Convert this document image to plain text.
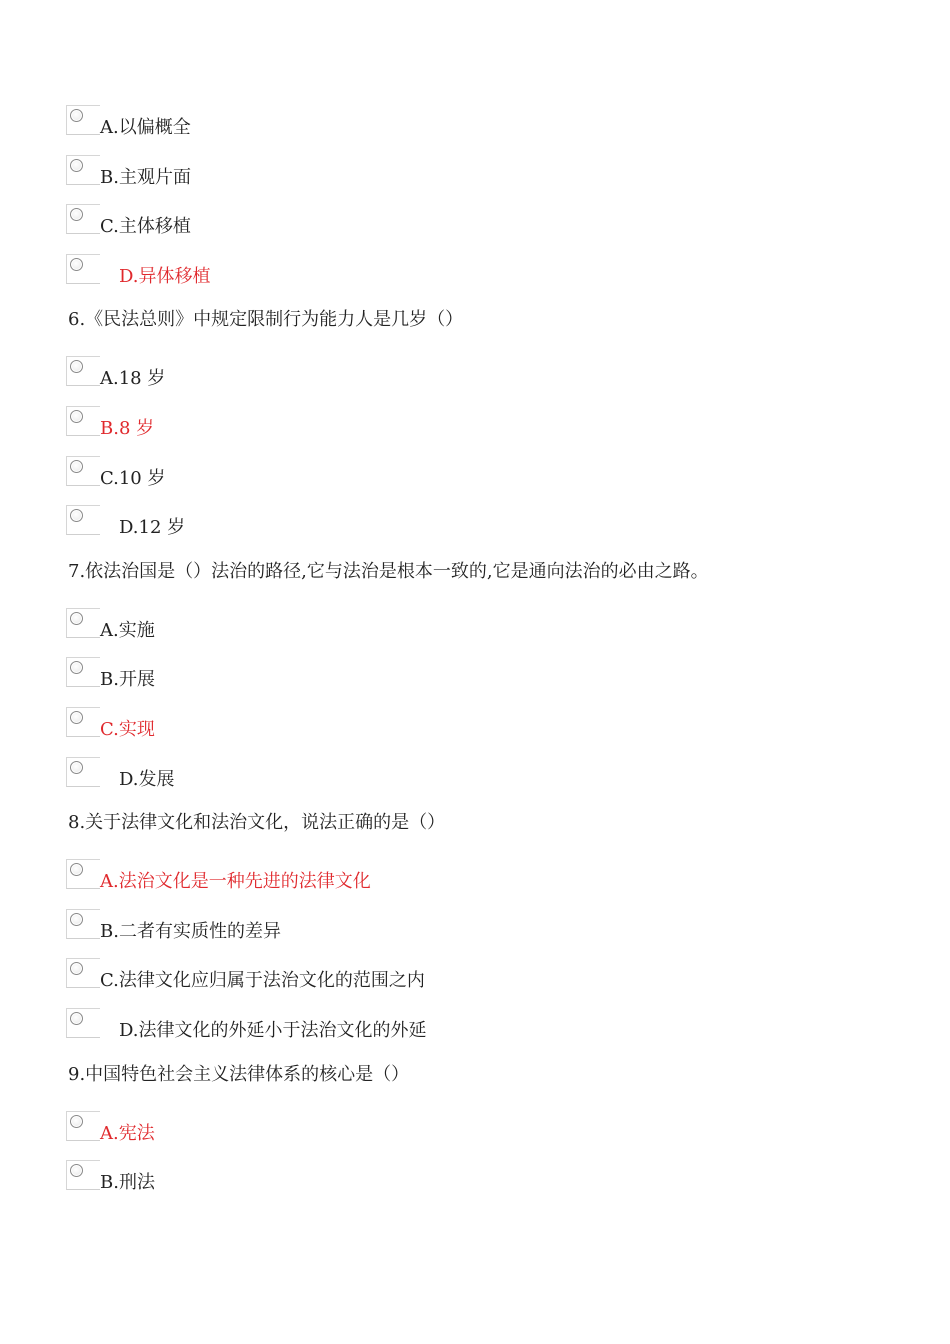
A.以偏概全
B.主观片面
C.主体移植
D.异体移植
6.《民法总则》中规定限制行为能力人是几岁（）
A.18 岁
B.8 岁
C.10 岁
D.12 岁
7.依法治国是（）法治的路径,它与法治是根本一致的,它是通向法治的必由之路。
A.实施
B.开展
C.实现
D.发展
8.关于法律文化和法治文化，说法正确的是（）
A.法治文化是一种先进的法律文化
B.二者有实质性的差异
C.法律文化应归属于法治文化的范围之内
D.法律文化的外延小于法治文化的外延
9.中国特色社会主义法律体系的核心是（）
A.宪法
B.刑法
